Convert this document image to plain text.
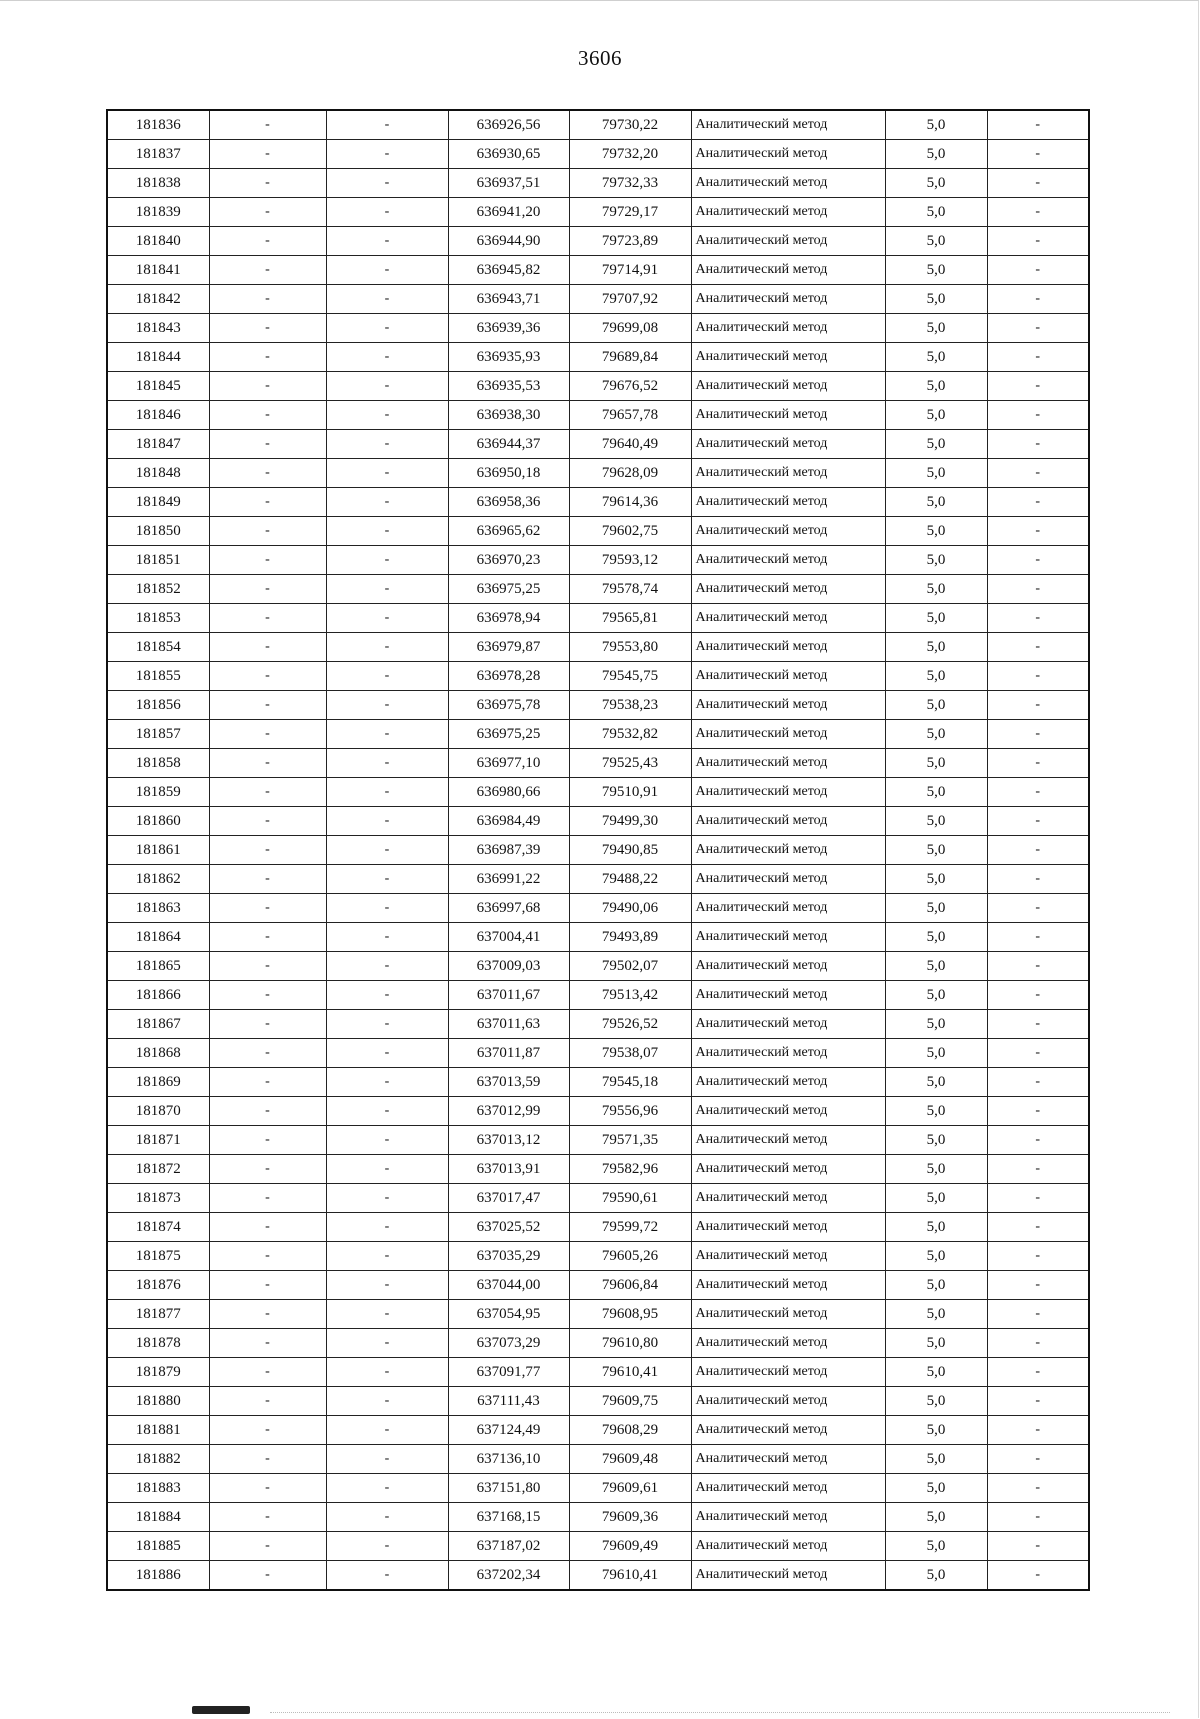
3606
181836	-	-	636926,56	79730,22	Аналитический метод	5,0	-
181837	-	-	636930,65	79732,20	Аналитический метод	5,0	-
181838	-	-	636937,51	79732,33	Аналитический метод	5,0	-
181839	-	-	636941,20	79729,17	Аналитический метод	5,0	-
181840	-	-	636944,90	79723,89	Аналитический метод	5,0	-
181841	-	-	636945,82	79714,91	Аналитический метод	5,0	-
181842	-	-	636943,71	79707,92	Аналитический метод	5,0	-
181843	-	-	636939,36	79699,08	Аналитический метод	5,0	-
181844	-	-	636935,93	79689,84	Аналитический метод	5,0	-
181845	-	-	636935,53	79676,52	Аналитический метод	5,0	-
181846	-	-	636938,30	79657,78	Аналитический метод	5,0	-
181847	-	-	636944,37	79640,49	Аналитический метод	5,0	-
181848	-	-	636950,18	79628,09	Аналитический метод	5,0	-
181849	-	-	636958,36	79614,36	Аналитический метод	5,0	-
181850	-	-	636965,62	79602,75	Аналитический метод	5,0	-
181851	-	-	636970,23	79593,12	Аналитический метод	5,0	-
181852	-	-	636975,25	79578,74	Аналитический метод	5,0	-
181853	-	-	636978,94	79565,81	Аналитический метод	5,0	-
181854	-	-	636979,87	79553,80	Аналитический метод	5,0	-
181855	-	-	636978,28	79545,75	Аналитический метод	5,0	-
181856	-	-	636975,78	79538,23	Аналитический метод	5,0	-
181857	-	-	636975,25	79532,82	Аналитический метод	5,0	-
181858	-	-	636977,10	79525,43	Аналитический метод	5,0	-
181859	-	-	636980,66	79510,91	Аналитический метод	5,0	-
181860	-	-	636984,49	79499,30	Аналитический метод	5,0	-
181861	-	-	636987,39	79490,85	Аналитический метод	5,0	-
181862	-	-	636991,22	79488,22	Аналитический метод	5,0	-
181863	-	-	636997,68	79490,06	Аналитический метод	5,0	-
181864	-	-	637004,41	79493,89	Аналитический метод	5,0	-
181865	-	-	637009,03	79502,07	Аналитический метод	5,0	-
181866	-	-	637011,67	79513,42	Аналитический метод	5,0	-
181867	-	-	637011,63	79526,52	Аналитический метод	5,0	-
181868	-	-	637011,87	79538,07	Аналитический метод	5,0	-
181869	-	-	637013,59	79545,18	Аналитический метод	5,0	-
181870	-	-	637012,99	79556,96	Аналитический метод	5,0	-
181871	-	-	637013,12	79571,35	Аналитический метод	5,0	-
181872	-	-	637013,91	79582,96	Аналитический метод	5,0	-
181873	-	-	637017,47	79590,61	Аналитический метод	5,0	-
181874	-	-	637025,52	79599,72	Аналитический метод	5,0	-
181875	-	-	637035,29	79605,26	Аналитический метод	5,0	-
181876	-	-	637044,00	79606,84	Аналитический метод	5,0	-
181877	-	-	637054,95	79608,95	Аналитический метод	5,0	-
181878	-	-	637073,29	79610,80	Аналитический метод	5,0	-
181879	-	-	637091,77	79610,41	Аналитический метод	5,0	-
181880	-	-	637111,43	79609,75	Аналитический метод	5,0	-
181881	-	-	637124,49	79608,29	Аналитический метод	5,0	-
181882	-	-	637136,10	79609,48	Аналитический метод	5,0	-
181883	-	-	637151,80	79609,61	Аналитический метод	5,0	-
181884	-	-	637168,15	79609,36	Аналитический метод	5,0	-
181885	-	-	637187,02	79609,49	Аналитический метод	5,0	-
181886	-	-	637202,34	79610,41	Аналитический метод	5,0	-
